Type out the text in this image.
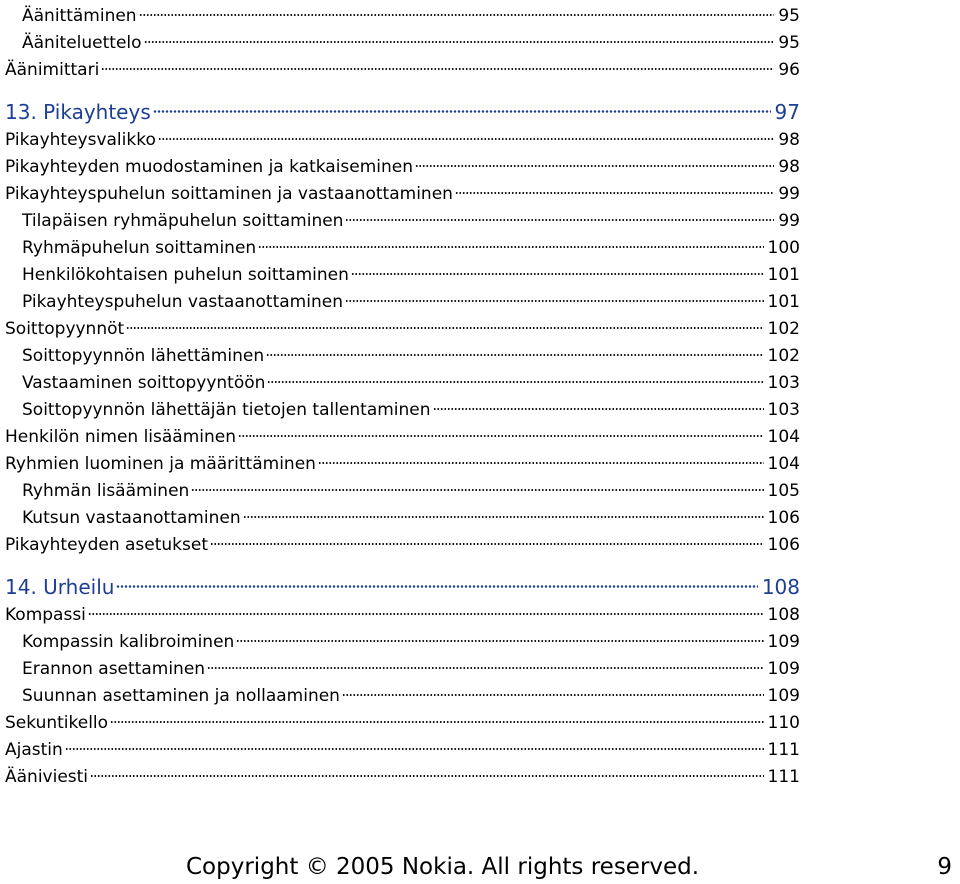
Äänittäminen	95
Ääniteluettelo	95
Äänimittari	96
13. Pikayhteys	97
Pikayhteysvalikko	98
Pikayhteyden muodostaminen ja katkaiseminen	98
Pikayhteyspuhelun soittaminen ja vastaanottaminen	99
Tilapäisen ryhmäpuhelun soittaminen	99
Ryhmäpuhelun soittaminen	100
Henkilökohtaisen puhelun soittaminen	101
Pikayhteyspuhelun vastaanottaminen	101
Soittopyynnöt	102
Soittopyynnön lähettäminen	102
Vastaaminen soittopyyntöön	103
Soittopyynnön lähettäjän tietojen tallentaminen	103
Henkilön nimen lisääminen	104
Ryhmien luominen ja määrittäminen	104
Ryhmän lisääminen	105
Kutsun vastaanottaminen	106
Pikayhteyden asetukset	106
14. Urheilu	108
Kompassi	108
Kompassin kalibroiminen	109
Erannon asettaminen	109
Suunnan asettaminen ja nollaaminen	109
Sekuntikello	110
Ajastin	111
Ääniviesti	111
Copyright © 2005 Nokia. All rights reserved.	9
